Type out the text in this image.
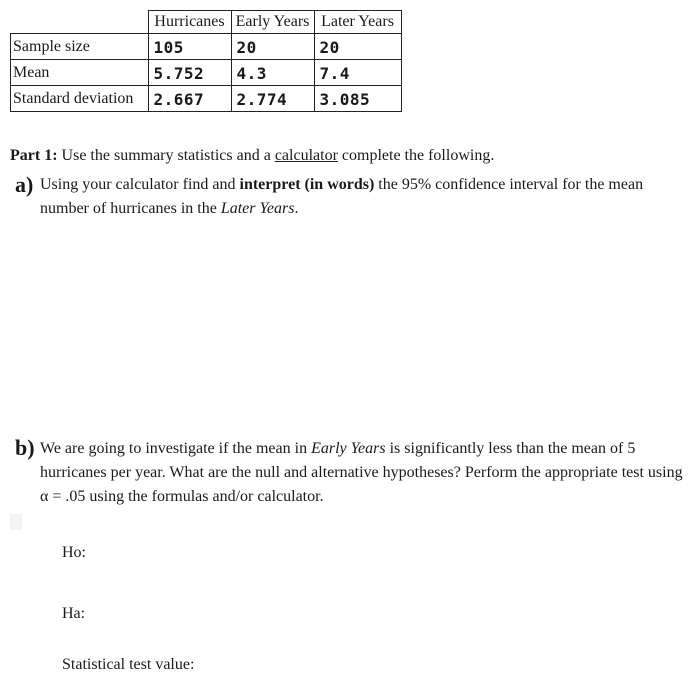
	Hurricanes	Early Years	Later Years
Sample size	105	20	20
Mean	5.752	4.3	7.4
Standard deviation	2.667	2.774	3.085

Part 1: Use the summary statistics and a calculator complete the following.

a) Using your calculator find and interpret (in words) the 95% confidence interval for the mean number of hurricanes in the Later Years.
b) We are going to investigate if the mean in Early Years is significantly less than the mean of 5 hurricanes per year. What are the null and alternative hypotheses? Perform the appropriate test using α = .05 using the formulas and/or calculator.

Ho:

Ha:

Statistical test value:
